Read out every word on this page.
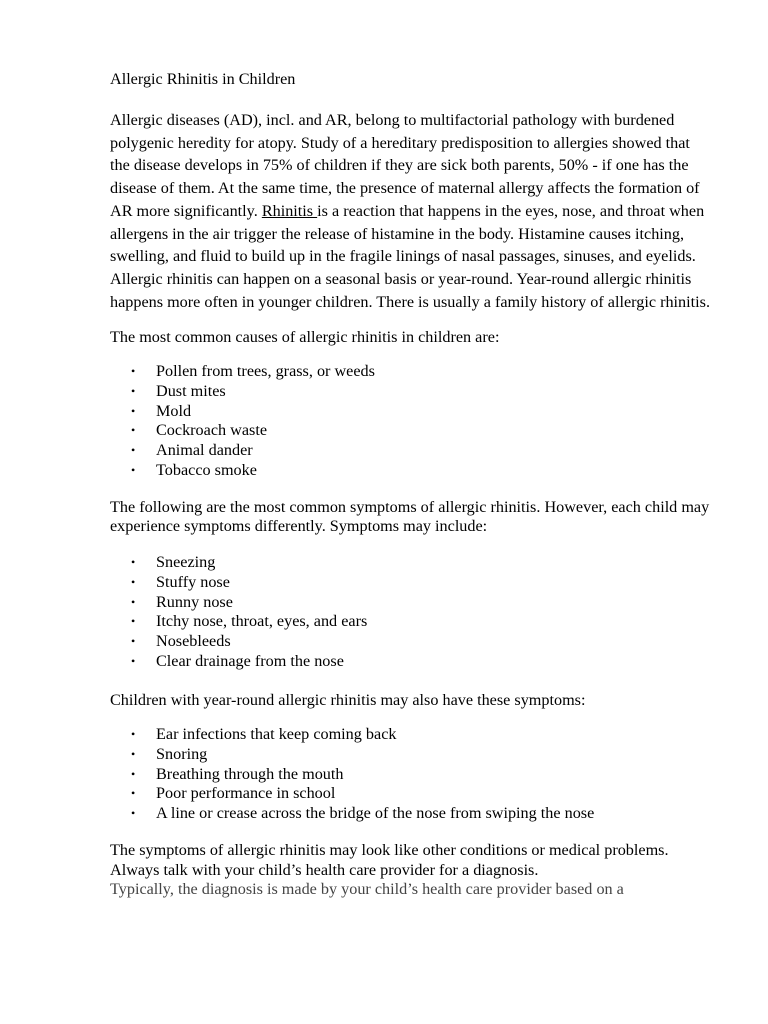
Allergic Rhinitis in Children

Allergic diseases (AD), incl. and AR, belong to multifactorial pathology with burdened polygenic heredity for atopy. Study of a hereditary predisposition to allergies showed that the disease develops in 75% of children if they are sick both parents, 50% - if one has the disease of them. At the same time, the presence of maternal allergy affects the formation of AR more significantly. Rhinitis is a reaction that happens in the eyes, nose, and throat when allergens in the air trigger the release of histamine in the body. Histamine causes itching, swelling, and fluid to build up in the fragile linings of nasal passages, sinuses, and eyelids. Allergic rhinitis can happen on a seasonal basis or year-round. Year-round allergic rhinitis happens more often in younger children. There is usually a family history of allergic rhinitis.

The most common causes of allergic rhinitis in children are:

• Pollen from trees, grass, or weeds
• Dust mites
• Mold
• Cockroach waste
• Animal dander
• Tobacco smoke

The following are the most common symptoms of allergic rhinitis. However, each child may experience symptoms differently. Symptoms may include:

• Sneezing
• Stuffy nose
• Runny nose
• Itchy nose, throat, eyes, and ears
• Nosebleeds
• Clear drainage from the nose

Children with year-round allergic rhinitis may also have these symptoms:

• Ear infections that keep coming back
• Snoring
• Breathing through the mouth
• Poor performance in school
• A line or crease across the bridge of the nose from swiping the nose

The symptoms of allergic rhinitis may look like other conditions or medical problems. Always talk with your child’s health care provider for a diagnosis.
Typically, the diagnosis is made by your child’s health care provider based on a
